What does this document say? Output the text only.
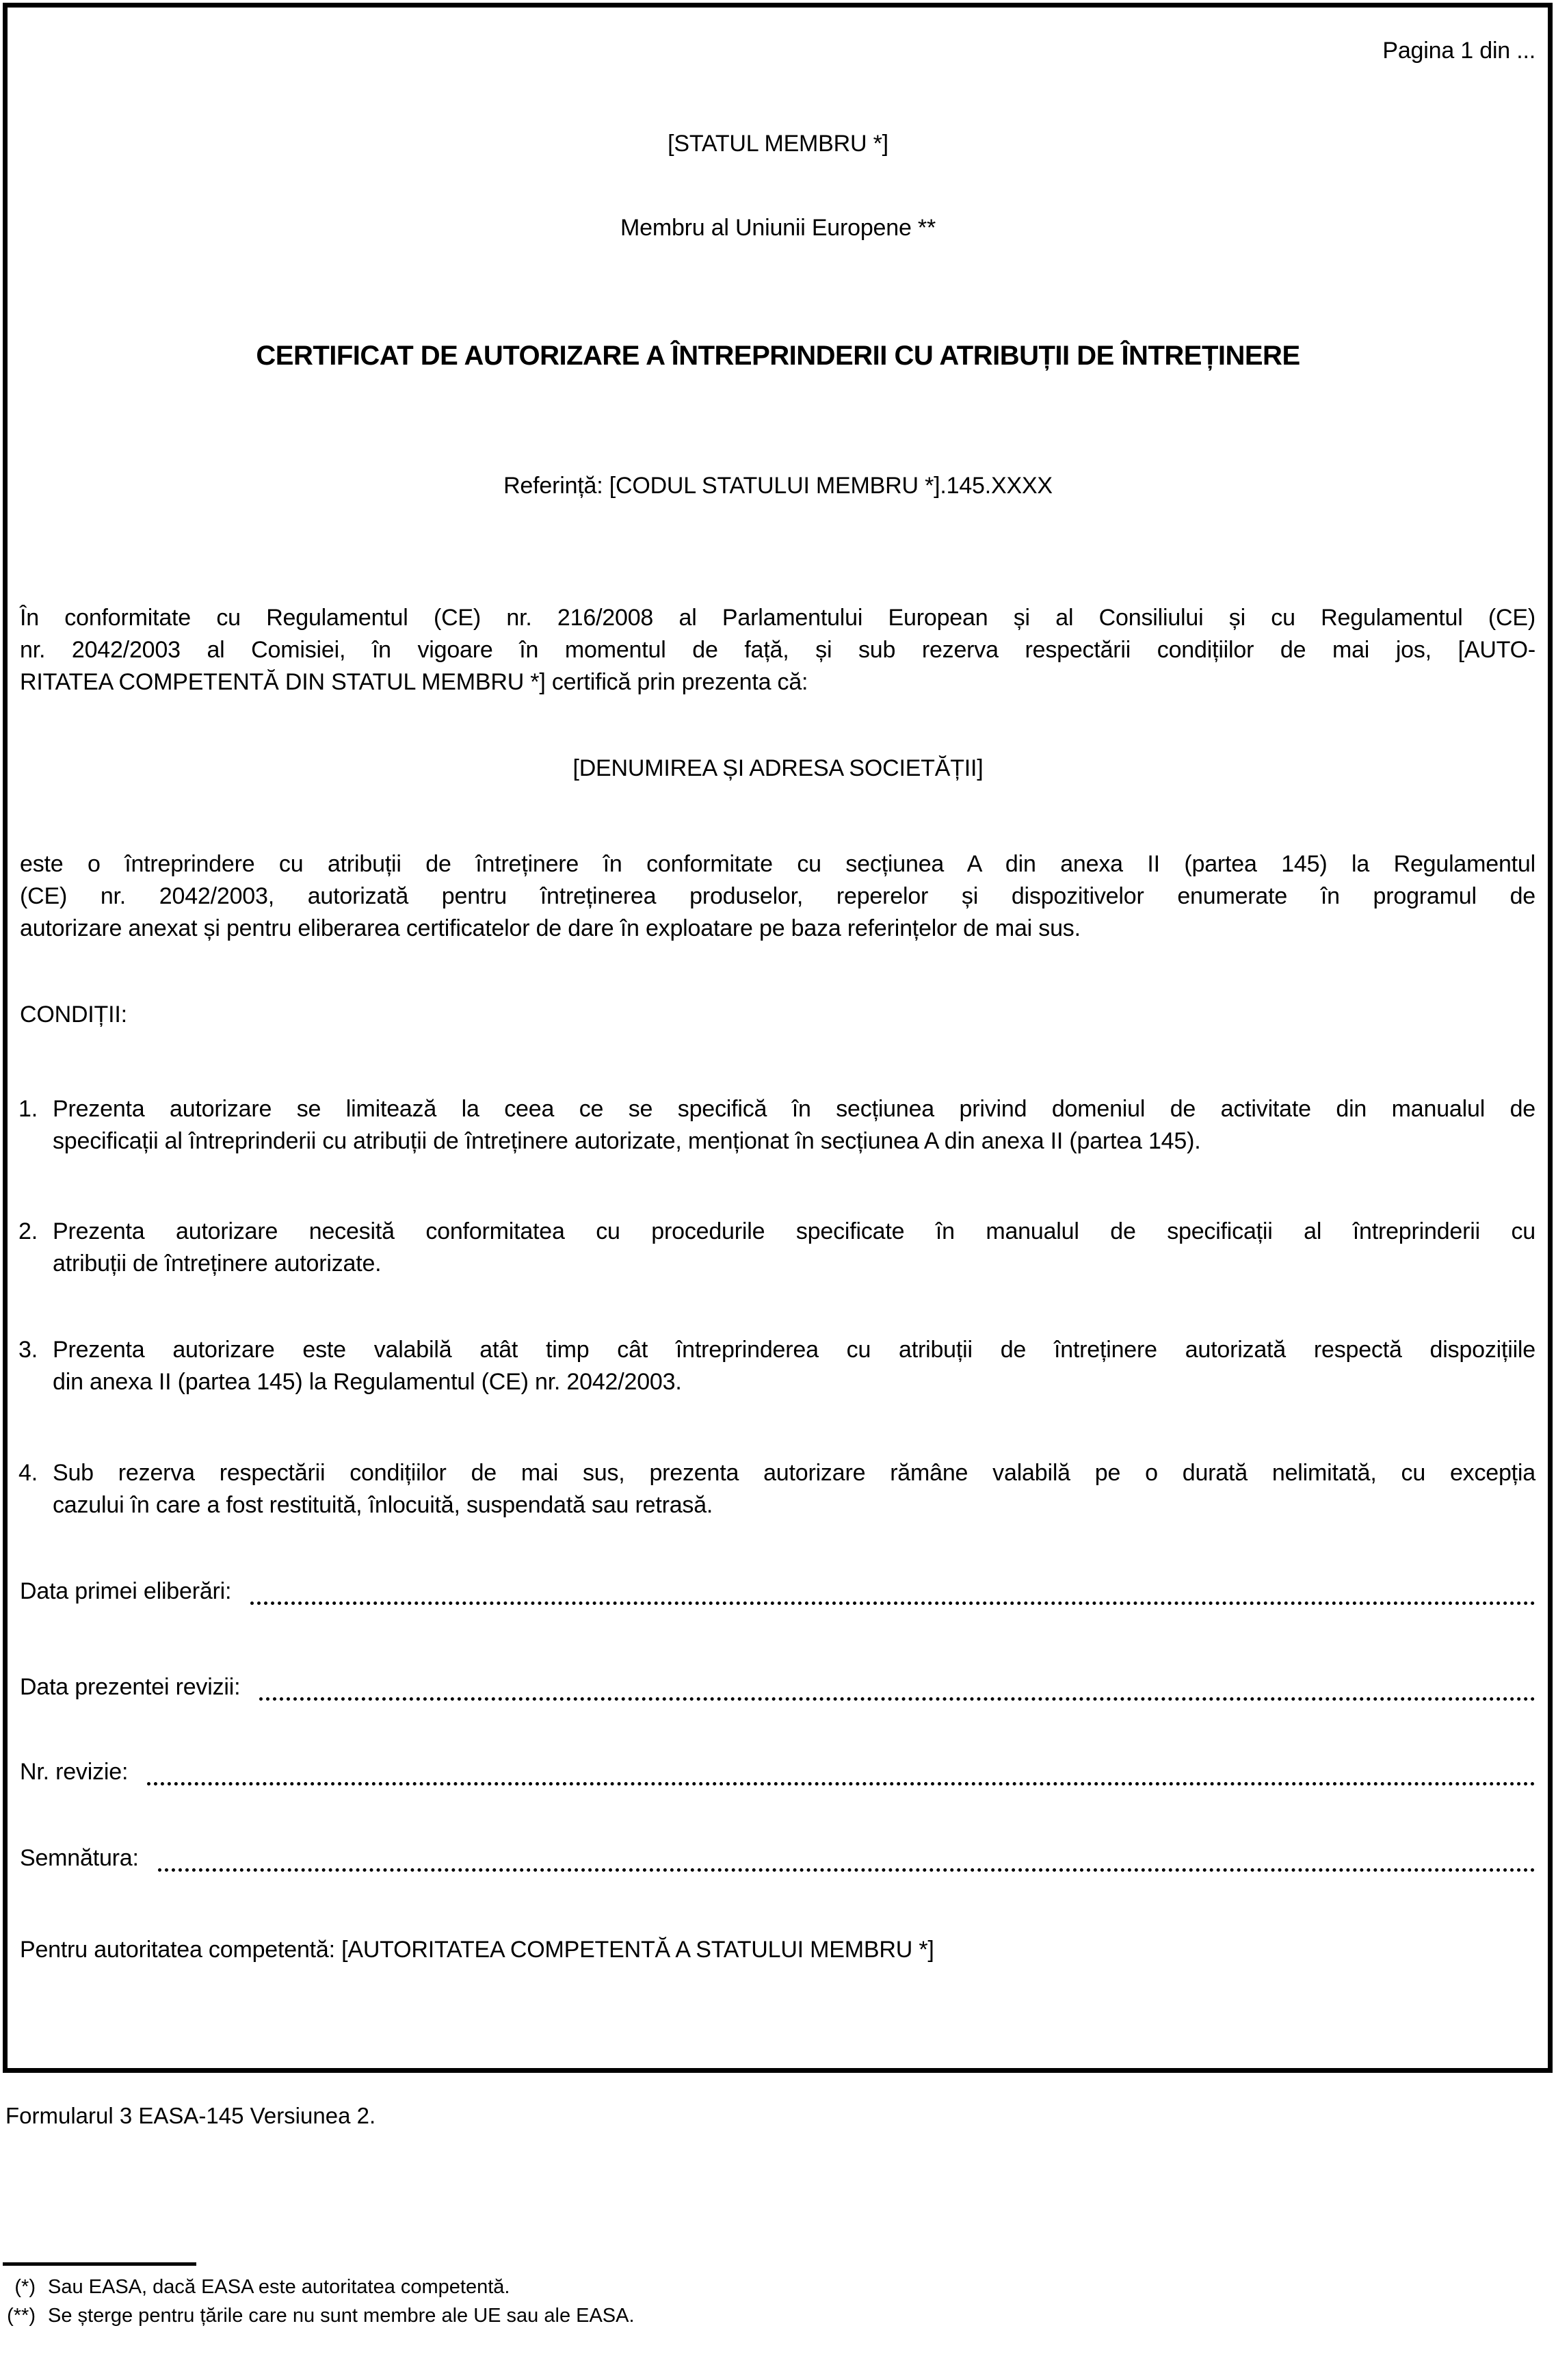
Pagina 1 din ...
[STATUL MEMBRU *]
Membru al Uniunii Europene **
CERTIFICAT DE AUTORIZARE A ÎNTREPRINDERII CU ATRIBUȚII DE ÎNTREȚINERE
Referință: [CODUL STATULUI MEMBRU *].145.XXXX
În conformitate cu Regulamentul (CE) nr. 216/2008 al Parlamentului European și al Consiliului și cu Regulamentul (CE)
nr. 2042/2003 al Comisiei, în vigoare în momentul de față, și sub rezerva respectării condițiilor de mai jos, [AUTO-
RITATEA COMPETENTĂ DIN STATUL MEMBRU *] certifică prin prezenta că:
[DENUMIREA ȘI ADRESA SOCIETĂȚII]
este o întreprindere cu atribuții de întreținere în conformitate cu secțiunea A din anexa II (partea 145) la Regulamentul
(CE) nr. 2042/2003, autorizată pentru întreținerea produselor, reperelor și dispozitivelor enumerate în programul de
autorizare anexat și pentru eliberarea certificatelor de dare în exploatare pe baza referințelor de mai sus.
CONDIȚII:
1. Prezenta autorizare se limitează la ceea ce se specifică în secțiunea privind domeniul de activitate din manualul de
specificații al întreprinderii cu atribuții de întreținere autorizate, menționat în secțiunea A din anexa II (partea 145).
2. Prezenta autorizare necesită conformitatea cu procedurile specificate în manualul de specificații al întreprinderii cu
atribuții de întreținere autorizate.
3. Prezenta autorizare este valabilă atât timp cât întreprinderea cu atribuții de întreținere autorizată respectă dispozițiile
din anexa II (partea 145) la Regulamentul (CE) nr. 2042/2003.
4. Sub rezerva respectării condițiilor de mai sus, prezenta autorizare rămâne valabilă pe o durată nelimitată, cu excepția
cazului în care a fost restituită, înlocuită, suspendată sau retrasă.
Data primei eliberări:
Data prezentei revizii:
Nr. revizie:
Semnătura:
Pentru autoritatea competentă: [AUTORITATEA COMPETENTĂ A STATULUI MEMBRU *]
Formularul 3 EASA-145 Versiunea 2.
(*) Sau EASA, dacă EASA este autoritatea competentă.
(**) Se șterge pentru țările care nu sunt membre ale UE sau ale EASA.
